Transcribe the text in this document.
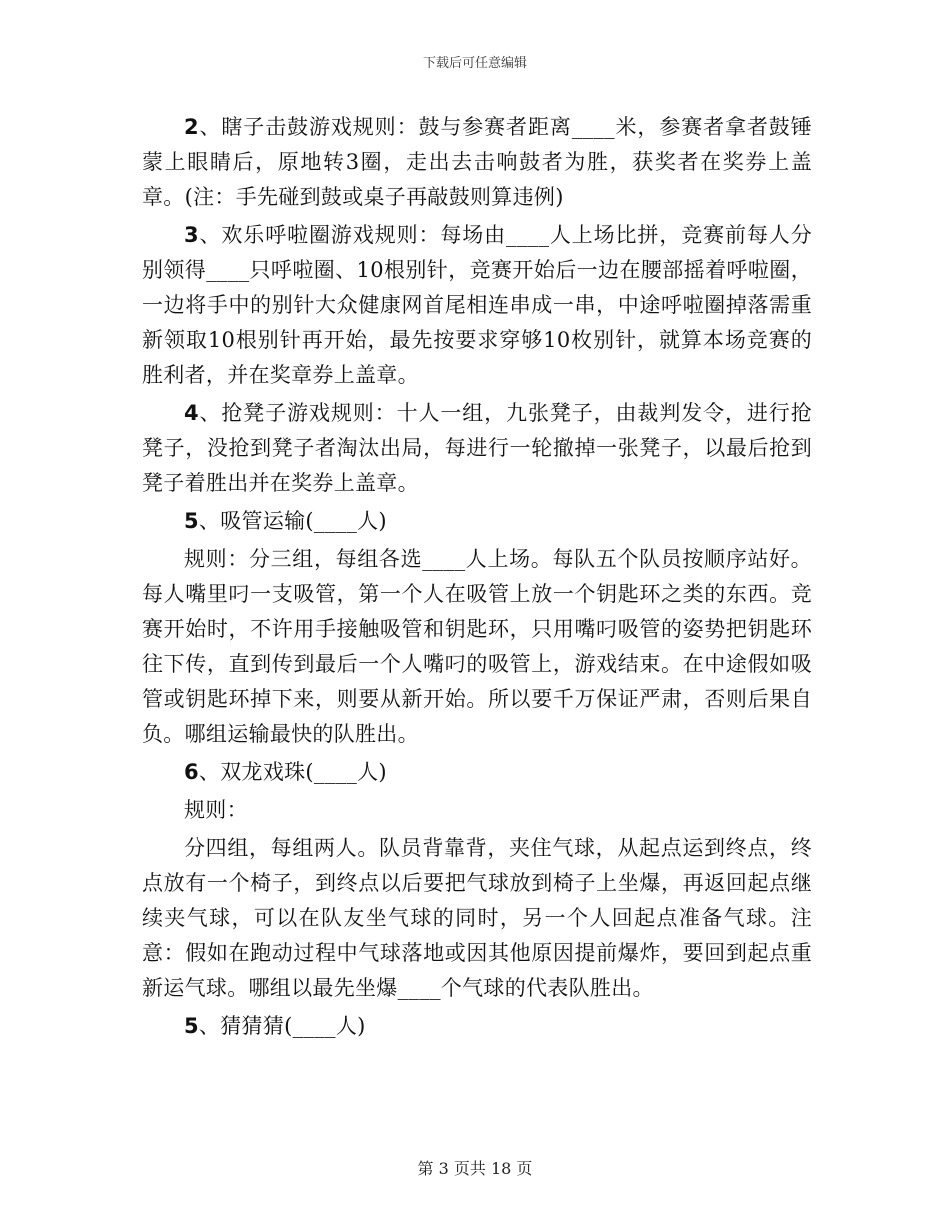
下载后可任意编辑

2、瞎子击鼓游戏规则：鼓与参赛者距离____米，参赛者拿者鼓锤蒙上眼睛后，原地转3圈，走出去击响鼓者为胜，获奖者在奖券上盖章。(注：手先碰到鼓或桌子再敲鼓则算违例)

3、欢乐呼啦圈游戏规则：每场由____人上场比拼，竞赛前每人分别领得____只呼啦圈、10根别针，竞赛开始后一边在腰部摇着呼啦圈，一边将手中的别针大众健康网首尾相连串成一串，中途呼啦圈掉落需重新领取10根别针再开始，最先按要求穿够10枚别针，就算本场竞赛的胜利者，并在奖章券上盖章。

4、抢凳子游戏规则：十人一组，九张凳子，由裁判发令，进行抢凳子，没抢到凳子者淘汰出局，每进行一轮撤掉一张凳子，以最后抢到凳子着胜出并在奖券上盖章。

5、吸管运输(____人)

规则：分三组，每组各选____人上场。每队五个队员按顺序站好。每人嘴里叼一支吸管，第一个人在吸管上放一个钥匙环之类的东西。竞赛开始时，不许用手接触吸管和钥匙环，只用嘴叼吸管的姿势把钥匙环往下传，直到传到最后一个人嘴叼的吸管上，游戏结束。在中途假如吸管或钥匙环掉下来，则要从新开始。所以要千万保证严肃，否则后果自负。哪组运输最快的队胜出。

6、双龙戏珠(____人)

规则：

分四组，每组两人。队员背靠背，夹住气球，从起点运到终点，终点放有一个椅子，到终点以后要把气球放到椅子上坐爆，再返回起点继续夹气球，可以在队友坐气球的同时，另一个人回起点准备气球。注意：假如在跑动过程中气球落地或因其他原因提前爆炸，要回到起点重新运气球。哪组以最先坐爆____个气球的代表队胜出。

5、猜猜猜(____人)

第 3 页共 18 页
